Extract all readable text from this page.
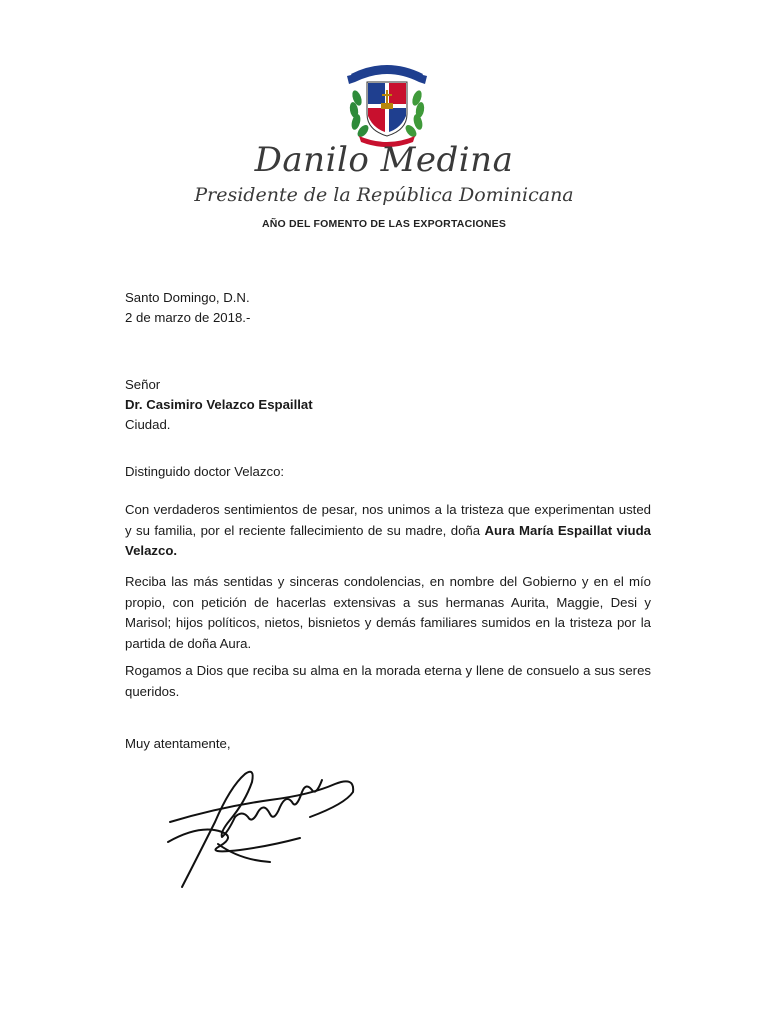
Danilo Medina
Presidente de la República Dominicana
AÑO DEL FOMENTO DE LAS EXPORTACIONES
Santo Domingo, D.N.
2 de marzo de 2018.-
Señor
Dr. Casimiro Velazco Espaillat
Ciudad.
Distinguido doctor Velazco:
Con verdaderos sentimientos de pesar, nos unimos a la tristeza que experimentan usted y su familia, por el reciente fallecimiento de su madre, doña Aura María Espaillat viuda Velazco.
Reciba las más sentidas y sinceras condolencias, en nombre del Gobierno y en el mío propio, con petición de hacerlas extensivas a sus hermanas Aurita, Maggie, Desi y Marisol; hijos políticos, nietos, bisnietos y demás familiares sumidos en la tristeza por la partida de doña Aura.
Rogamos a Dios que reciba su alma en la morada eterna y llene de consuelo a sus seres queridos.
Muy atentamente,
